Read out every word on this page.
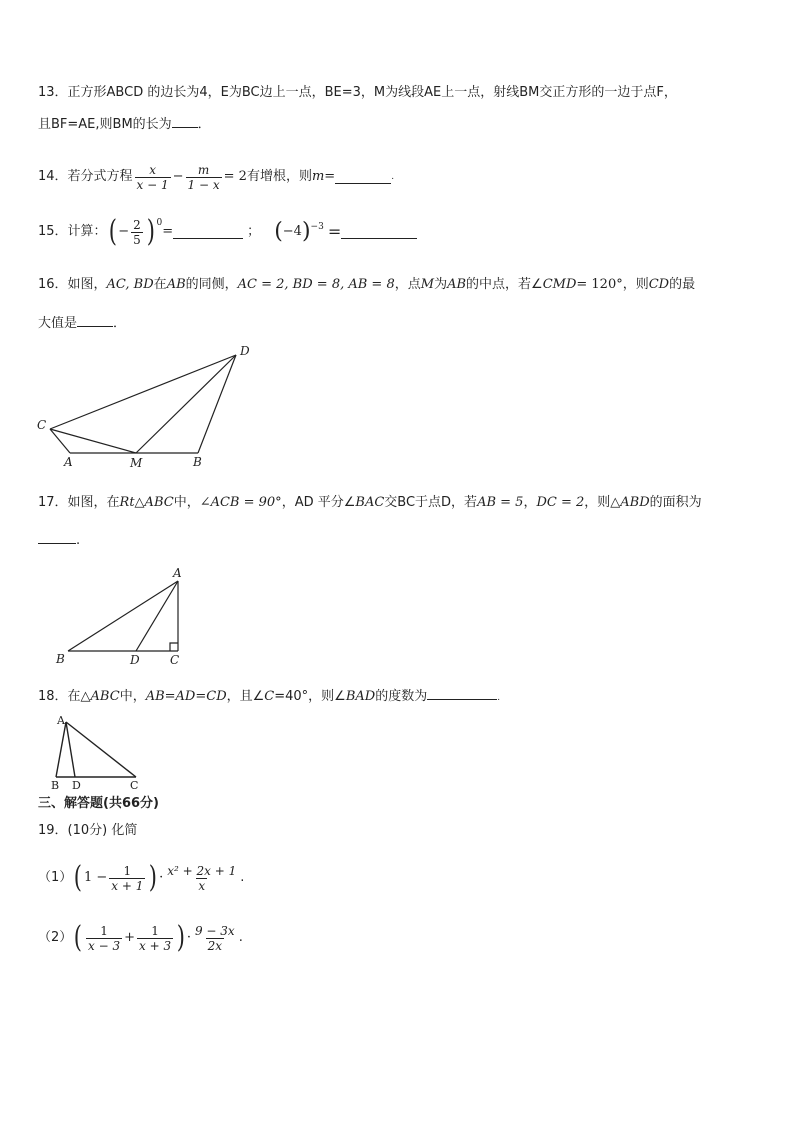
13．正方形ABCD 的边长为4，E为BC边上一点，BE=3，M为线段AE上一点，射线BM交正方形的一边于点F，
且BF=AE,则BM的长为 ．
14．若分式方程 $\frac{x}{x - 1} - \frac{m}{1 - x} = 2$ 有增根，则 m =	.
15．计算： ( − $\frac{2}{5} )^0$
=	； ( −4 )$^{-3}$ =
16．如图，AC, BD在AB的同侧，AC = 2, BD = 8, AB = 8，点M为AB的中点，若∠CMD= 120°，则CD的最
大值是	．
C
D
A	M	B
17．如图，在Rt△ABC中，∠ACB = 90°，AD 平分∠BAC交BC于点D，若AB = 5，DC = 2，则△ABD的面积为
.
A
B	D	C
18．在△ABC中，AB=AD=CD，且∠C=40°，则∠BAD的度数为	.
A
B D	C
三、解答题(共66分)
19．(10分) 化简
（1） ( $1 - \frac{1}{x + 1}$ ) · $\frac{\text{x² + 2x + 1}}{x}$ .
（2） ( $\frac{1}{x - 3} + \frac{1}{x + 3}$ ) · $\frac{9 - 3x}{2x}$ .
